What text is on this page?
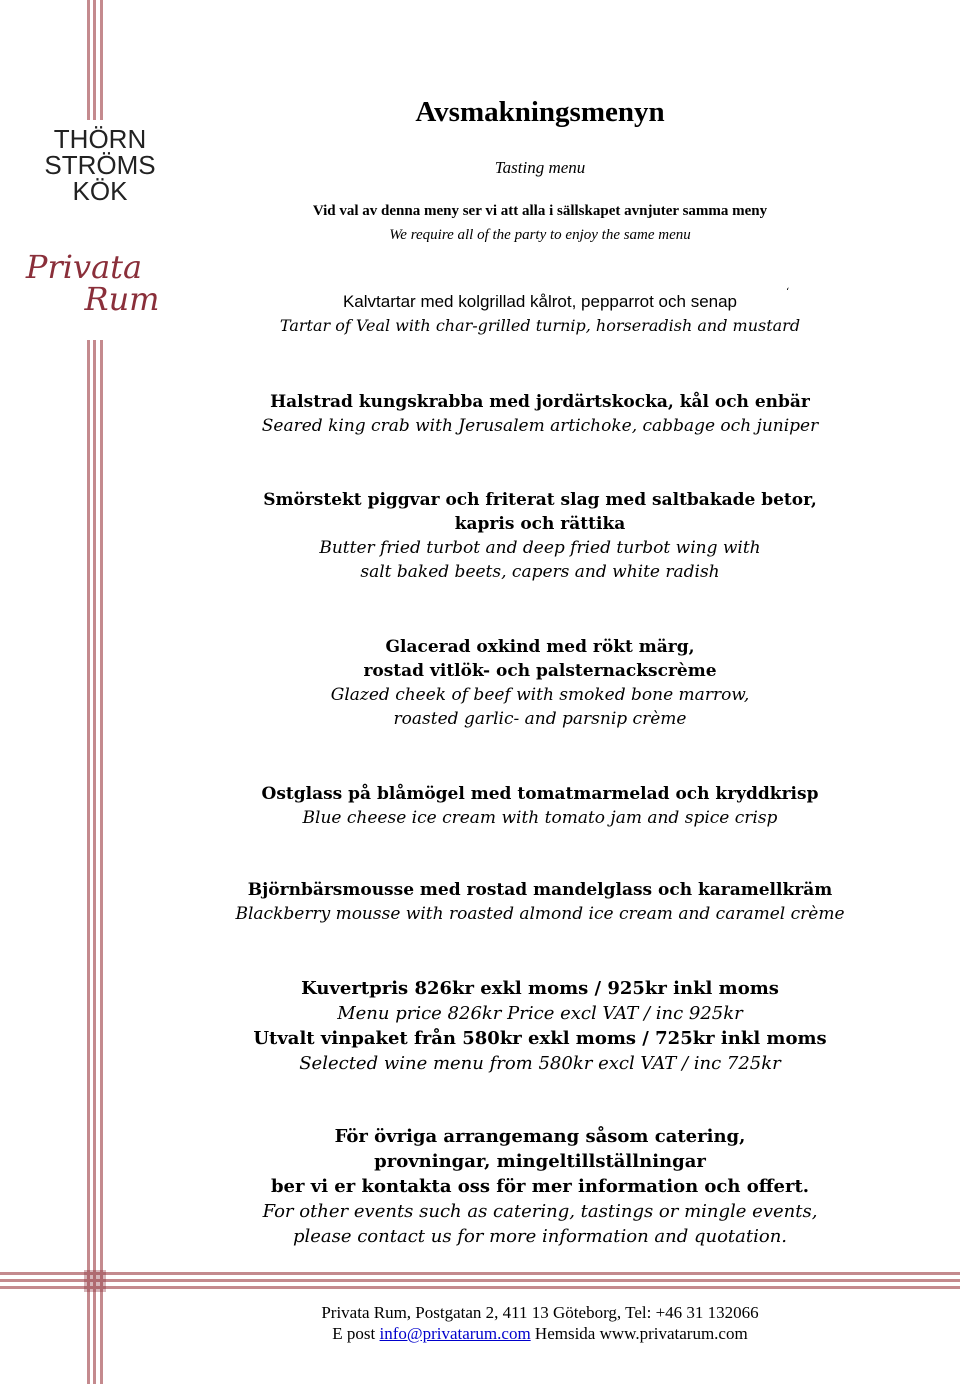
THÖRN
STRÖMS
KÖK
Privata
Rum
Avsmakningsmenyn
Tasting menu
Vid val av denna meny ser vi att alla i sällskapet avnjuter samma meny
We require all of the party to enjoy the same menu
Kalvtartar med kolgrillad kålrot, pepparrot och senap
Tartar of Veal with char-grilled turnip, horseradish and mustard
‘
Halstrad kungskrabba med jordärtskocka, kål och enbär
Seared king crab with Jerusalem artichoke, cabbage och juniper
Smörstekt piggvar och friterat slag med saltbakade betor,
kapris och rättika
Butter fried turbot and deep fried turbot wing with
salt baked beets, capers and white radish
Glacerad oxkind med rökt märg,
rostad vitlök- och palsternackscrème
Glazed cheek of beef with smoked bone marrow,
roasted garlic- and parsnip crème
Ostglass på blåmögel med tomatmarmelad och kryddkrisp
Blue cheese ice cream with tomato jam and spice crisp
Björnbärsmousse med rostad mandelglass och karamellkräm
Blackberry mousse with roasted almond ice cream and caramel crème
Kuvertpris 826kr exkl moms / 925kr inkl moms
Menu price 826kr Price excl VAT / inc 925kr
Utvalt vinpaket från 580kr exkl moms / 725kr inkl moms
Selected wine menu from 580kr excl VAT / inc 725kr
För övriga arrangemang såsom catering,
provningar, mingeltillställningar
ber vi er kontakta oss för mer information och offert.
For other events such as catering, tastings or mingle events,
please contact us for more information and quotation.
Privata Rum, Postgatan 2, 411 13 Göteborg, Tel: +46 31 132066
E post info@privatarum.com Hemsida www.privatarum.com
